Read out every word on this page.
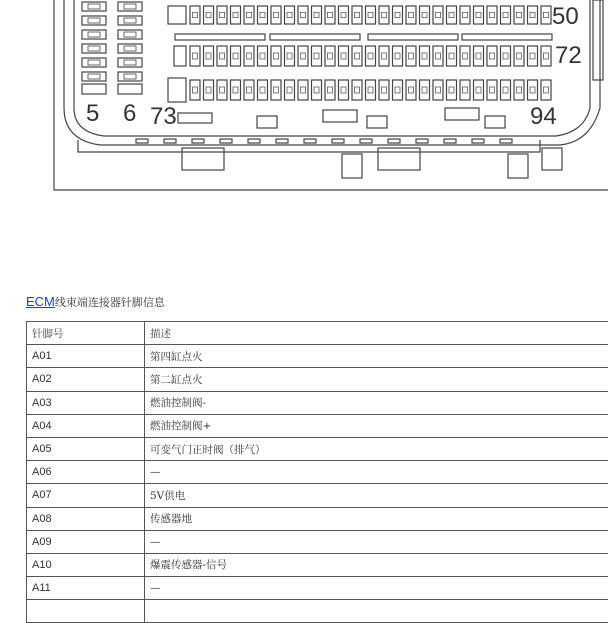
50
72
5 6 73	94
ECM线束端连接器针脚信息
针脚号	描述
A01	第四缸点火
A02	第二缸点火
A03	燃油控制阀-
A04	燃油控制阀+
A05	可变气门正时阀（排气）
A06	—
A07	5V供电
A08	传感器地
A09	—
A10	爆震传感器-信号
A11	—
